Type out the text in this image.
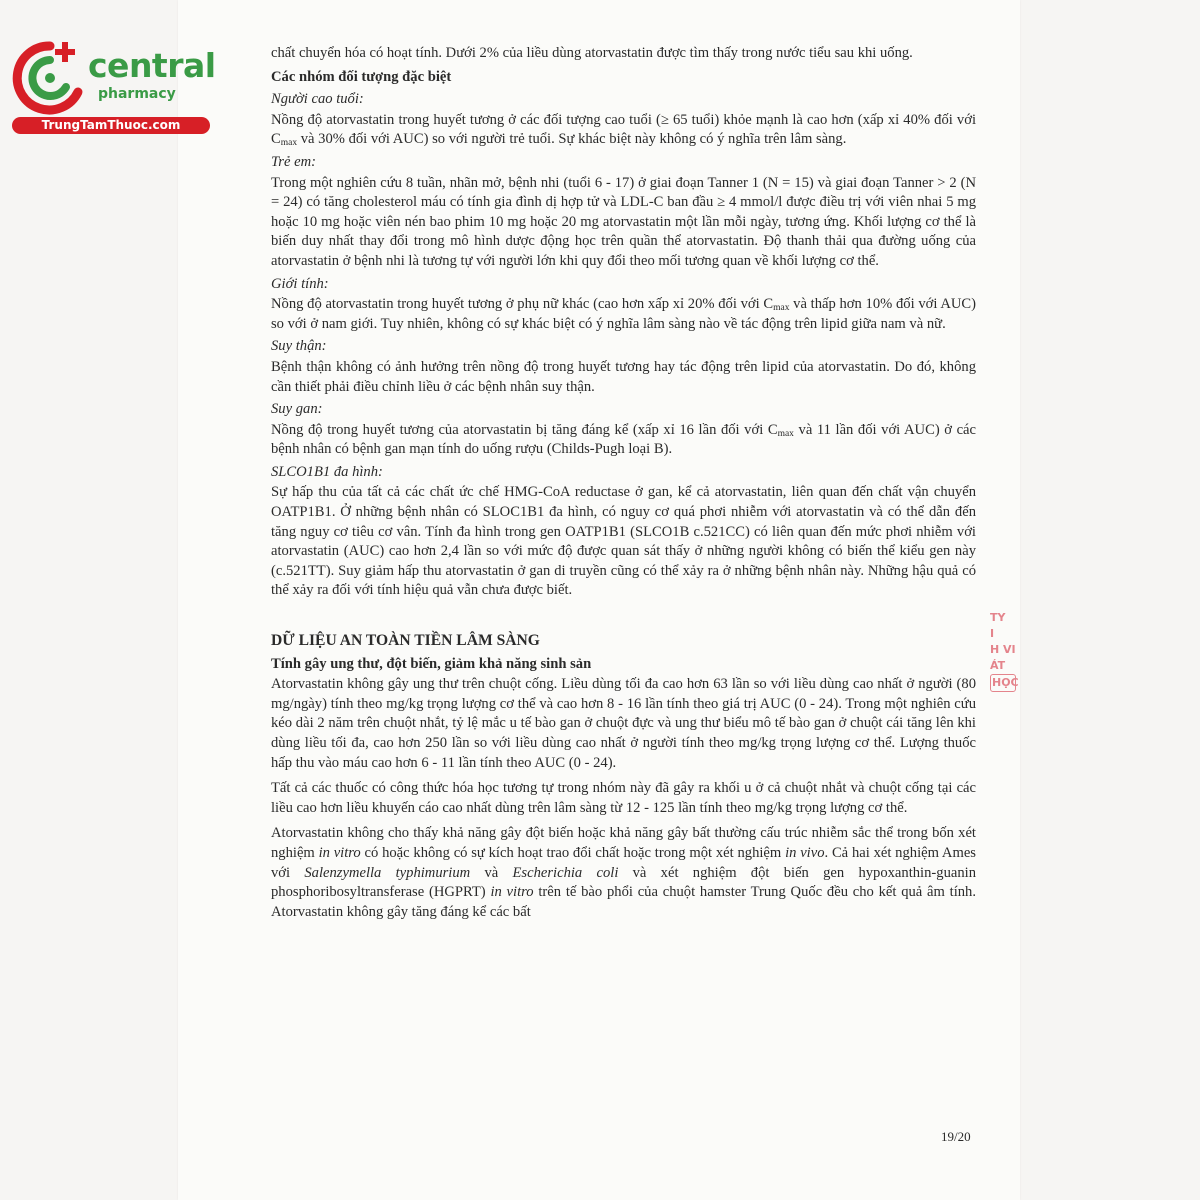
central
pharmacy
TrungTamThuoc.com

chất chuyển hóa có hoạt tính. Dưới 2% của liều dùng atorvastatin được tìm thấy trong nước tiểu sau khi uống.

Các nhóm đối tượng đặc biệt

Người cao tuổi:

Nồng độ atorvastatin trong huyết tương ở các đối tượng cao tuổi (≥ 65 tuổi) khỏe mạnh là cao hơn (xấp xỉ 40% đối với $C_{max}$ và 30% đối với AUC) so với người trẻ tuổi. Sự khác biệt này không có ý nghĩa trên lâm sàng.

Trẻ em:

Trong một nghiên cứu 8 tuần, nhãn mở, bệnh nhi (tuổi 6 - 17) ở giai đoạn Tanner 1 (N = 15) và giai đoạn Tanner > 2 (N = 24) có tăng cholesterol máu có tính gia đình dị hợp tử và LDL-C ban đầu ≥ 4 mmol/l được điều trị với viên nhai 5 mg hoặc 10 mg hoặc viên nén bao phim 10 mg hoặc 20 mg atorvastatin một lần mỗi ngày, tương ứng. Khối lượng cơ thể là biến duy nhất thay đổi trong mô hình dược động học trên quần thể atorvastatin. Độ thanh thải qua đường uống của atorvastatin ở bệnh nhi là tương tự với người lớn khi quy đổi theo mối tương quan về khối lượng cơ thể.

Giới tính:

Nồng độ atorvastatin trong huyết tương ở phụ nữ khác (cao hơn xấp xỉ 20% đối với $C_{max}$ và thấp hơn 10% đối với AUC) so với ở nam giới. Tuy nhiên, không có sự khác biệt có ý nghĩa lâm sàng nào về tác động trên lipid giữa nam và nữ.

Suy thận:

Bệnh thận không có ảnh hưởng trên nồng độ trong huyết tương hay tác động trên lipid của atorvastatin. Do đó, không cần thiết phải điều chỉnh liều ở các bệnh nhân suy thận.

Suy gan:

Nồng độ trong huyết tương của atorvastatin bị tăng đáng kể (xấp xỉ 16 lần đối với $C_{max}$ và 11 lần đối với AUC) ở các bệnh nhân có bệnh gan mạn tính do uống rượu (Childs-Pugh loại B).

SLCO1B1 đa hình:

Sự hấp thu của tất cả các chất ức chế HMG-CoA reductase ở gan, kể cả atorvastatin, liên quan đến chất vận chuyển OATP1B1. Ở những bệnh nhân có SLOC1B1 đa hình, có nguy cơ quá phơi nhiễm với atorvastatin và có thể dẫn đến tăng nguy cơ tiêu cơ vân. Tính đa hình trong gen OATP1B1 (SLCO1B c.521CC) có liên quan đến mức phơi nhiễm với atorvastatin (AUC) cao hơn 2,4 lần so với mức độ được quan sát thấy ở những người không có biến thể kiểu gen này (c.521TT). Suy giảm hấp thu atorvastatin ở gan di truyền cũng có thể xảy ra ở những bệnh nhân này. Những hậu quả có thể xảy ra đối với tính hiệu quả vẫn chưa được biết.

DỮ LIỆU AN TOÀN TIỀN LÂM SÀNG

Tính gây ung thư, đột biến, giảm khả năng sinh sản

Atorvastatin không gây ung thư trên chuột cống. Liều dùng tối đa cao hơn 63 lần so với liều dùng cao nhất ở người (80 mg/ngày) tính theo mg/kg trọng lượng cơ thể và cao hơn 8 - 16 lần tính theo giá trị AUC (0 - 24). Trong một nghiên cứu kéo dài 2 năm trên chuột nhắt, tỷ lệ mắc u tế bào gan ở chuột đực và ung thư biểu mô tế bào gan ở chuột cái tăng lên khi dùng liều tối đa, cao hơn 250 lần so với liều dùng cao nhất ở người tính theo mg/kg trọng lượng cơ thể. Lượng thuốc hấp thu vào máu cao hơn 6 - 11 lần tính theo AUC (0 - 24).

Tất cả các thuốc có công thức hóa học tương tự trong nhóm này đã gây ra khối u ở cả chuột nhắt và chuột cống tại các liều cao hơn liều khuyến cáo cao nhất dùng trên lâm sàng từ 12 - 125 lần tính theo mg/kg trọng lượng cơ thể.

Atorvastatin không cho thấy khả năng gây đột biến hoặc khả năng gây bất thường cấu trúc nhiễm sắc thể trong bốn xét nghiệm in vitro có hoặc không có sự kích hoạt trao đổi chất hoặc trong một xét nghiệm in vivo. Cả hai xét nghiệm Ames với Salenzymella typhimurium và Escherichia coli và xét nghiệm đột biến gen hypoxanthin-guanin phosphoribosyltransferase (HGPRT) in vitro trên tế bào phổi của chuột hamster Trung Quốc đều cho kết quả âm tính. Atorvastatin không gây tăng đáng kể các bất

19/20
TY
I
H VI
ÁT
HỌC
